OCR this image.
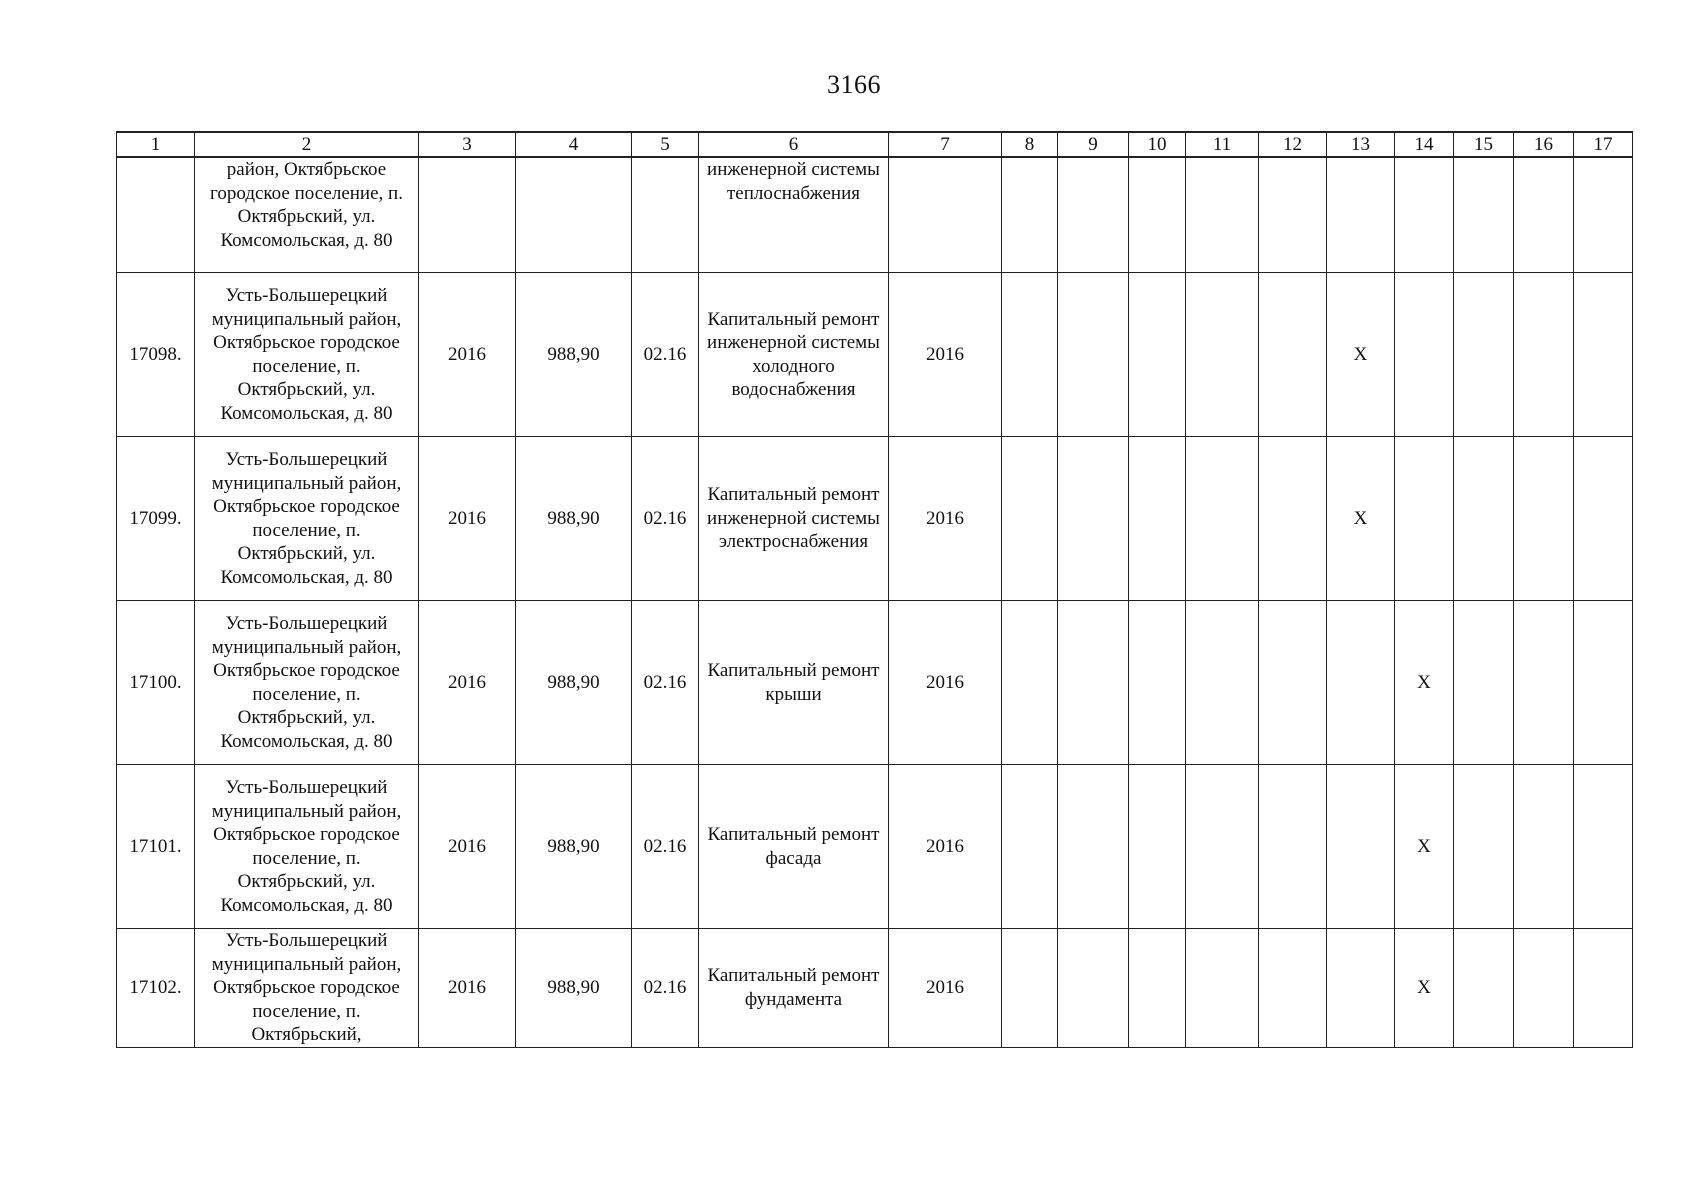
3166
1	2	3	4	5	6	7	8	9	10	11	12	13	14	15	16	17
	район, Октябрьское городское поселение, п. Октябрьский, ул. Комсомольская, д. 80				инженерной системы теплоснабжения											
17098.	Усть-Большерецкий муниципальный район, Октябрьское городское поселение, п. Октябрьский, ул. Комсомольская, д. 80	2016	988,90	02.16	Капитальный ремонт инженерной системы холодного водоснабжения	2016						X				
17099.	Усть-Большерецкий муниципальный район, Октябрьское городское поселение, п. Октябрьский, ул. Комсомольская, д. 80	2016	988,90	02.16	Капитальный ремонт инженерной системы электроснабжения	2016						X				
17100.	Усть-Большерецкий муниципальный район, Октябрьское городское поселение, п. Октябрьский, ул. Комсомольская, д. 80	2016	988,90	02.16	Капитальный ремонт крыши	2016							X			
17101.	Усть-Большерецкий муниципальный район, Октябрьское городское поселение, п. Октябрьский, ул. Комсомольская, д. 80	2016	988,90	02.16	Капитальный ремонт фасада	2016							X			
17102.	Усть-Большерецкий муниципальный район, Октябрьское городское поселение, п. Октябрьский,	2016	988,90	02.16	Капитальный ремонт фундамента	2016							X			
